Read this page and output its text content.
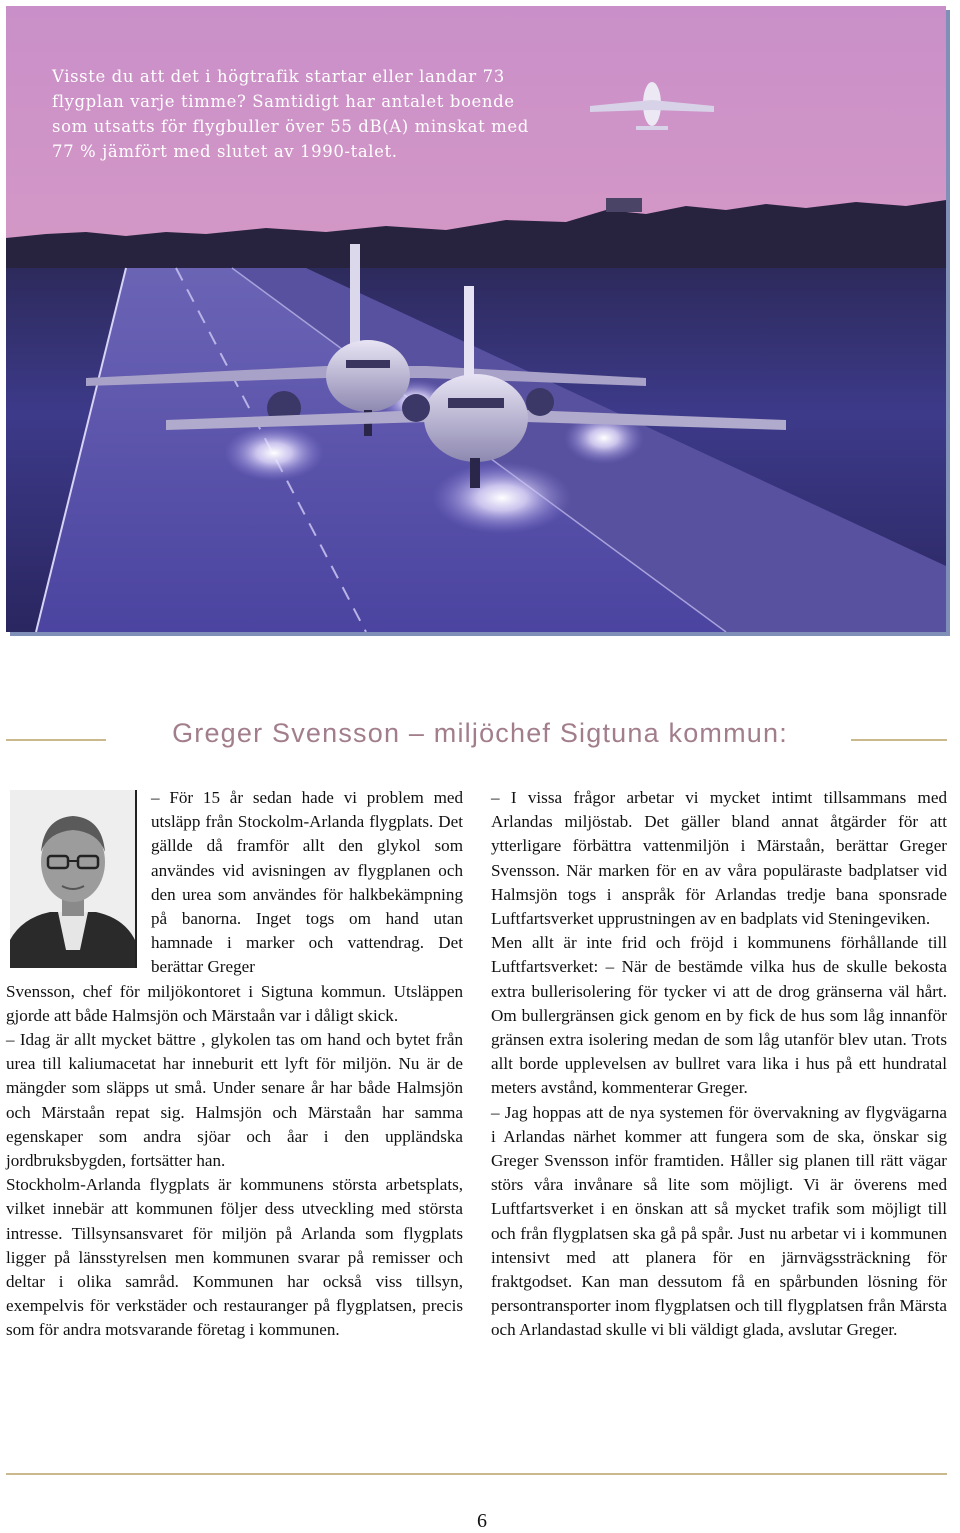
Visste du att det i högtrafik startar eller landar 73 flygplan varje timme? Samtidigt har antalet boende som utsatts för flygbuller över 55 dB(A) minskat med 77 % jämfört med slutet av 1990-talet.

Greger Svensson – miljöchef Sigtuna kommun:

– För 15 år sedan hade vi problem med utsläpp från Stockolm-Arlanda flygplats. Det gällde då framför allt den glykol som användes vid avisningen av flygplanen och den urea som användes för halkbekämpning på banorna. Inget togs om hand utan hamnade i marker och vattendrag. Det berättar Greger

Svensson, chef för miljökontoret i Sigtuna kommun. Utsläppen gjorde att både Halmsjön och Märstaån var i dåligt skick.

– Idag är allt mycket bättre , glykolen tas om hand och bytet från urea till kaliumacetat har inneburit ett lyft för miljön. Nu är de mängder som släpps ut små. Under senare år har både Halmsjön och Märstaån repat sig. Halmsjön och Märstaån har samma egenskaper som andra sjöar och åar i den uppländska jordbruksbygden, fortsätter han.

Stockholm-Arlanda flygplats är kommunens största arbetsplats, vilket innebär att kommunen följer dess utveckling med största intresse. Tillsynsansvaret för miljön på Arlanda som flygplats ligger på länsstyrelsen men kommunen svarar på remisser och deltar i olika samråd. Kommunen har också viss tillsyn, exempelvis för verkstäder och restauranger på flygplatsen, precis som för andra motsvarande företag i kommunen.

– I vissa frågor arbetar vi mycket intimt tillsammans med Arlandas miljöstab. Det gäller bland annat åtgärder för att ytterligare förbättra vattenmiljön i Märstaån, berättar Greger Svensson. När marken för en av våra populäraste badplatser vid Halmsjön togs i anspråk för Arlandas tredje bana sponsrade Luftfartsverket upprustningen av en badplats vid Steningeviken.

Men allt är inte frid och fröjd i kommunens förhållande till Luftfartsverket: – När de bestämde vilka hus de skulle bekosta extra bullerisolering för tycker vi att de drog gränserna väl hårt. Om bullergränsen gick genom en by fick de hus som låg innanför gränsen extra isolering medan de som låg utanför blev utan. Trots allt borde upplevelsen av bullret vara lika i hus på ett hundratal meters avstånd, kommenterar Greger.

– Jag hoppas att de nya systemen för övervakning av flygvägarna i Arlandas närhet kommer att fungera som de ska, önskar sig Greger Svensson inför framtiden. Håller sig planen till rätt vägar störs våra invånare så lite som möjligt. Vi är överens med Luftfartsverket i en önskan att så mycket trafik som möjligt till och från flygplatsen ska gå på spår. Just nu arbetar vi i kommunen intensivt med att planera för en järnvägssträckning för fraktgodset. Kan man dessutom få en spårbunden lösning för persontransporter inom flygplatsen och till flygplatsen från Märsta och Arlandastad skulle vi bli väldigt glada, avslutar Greger.

6
